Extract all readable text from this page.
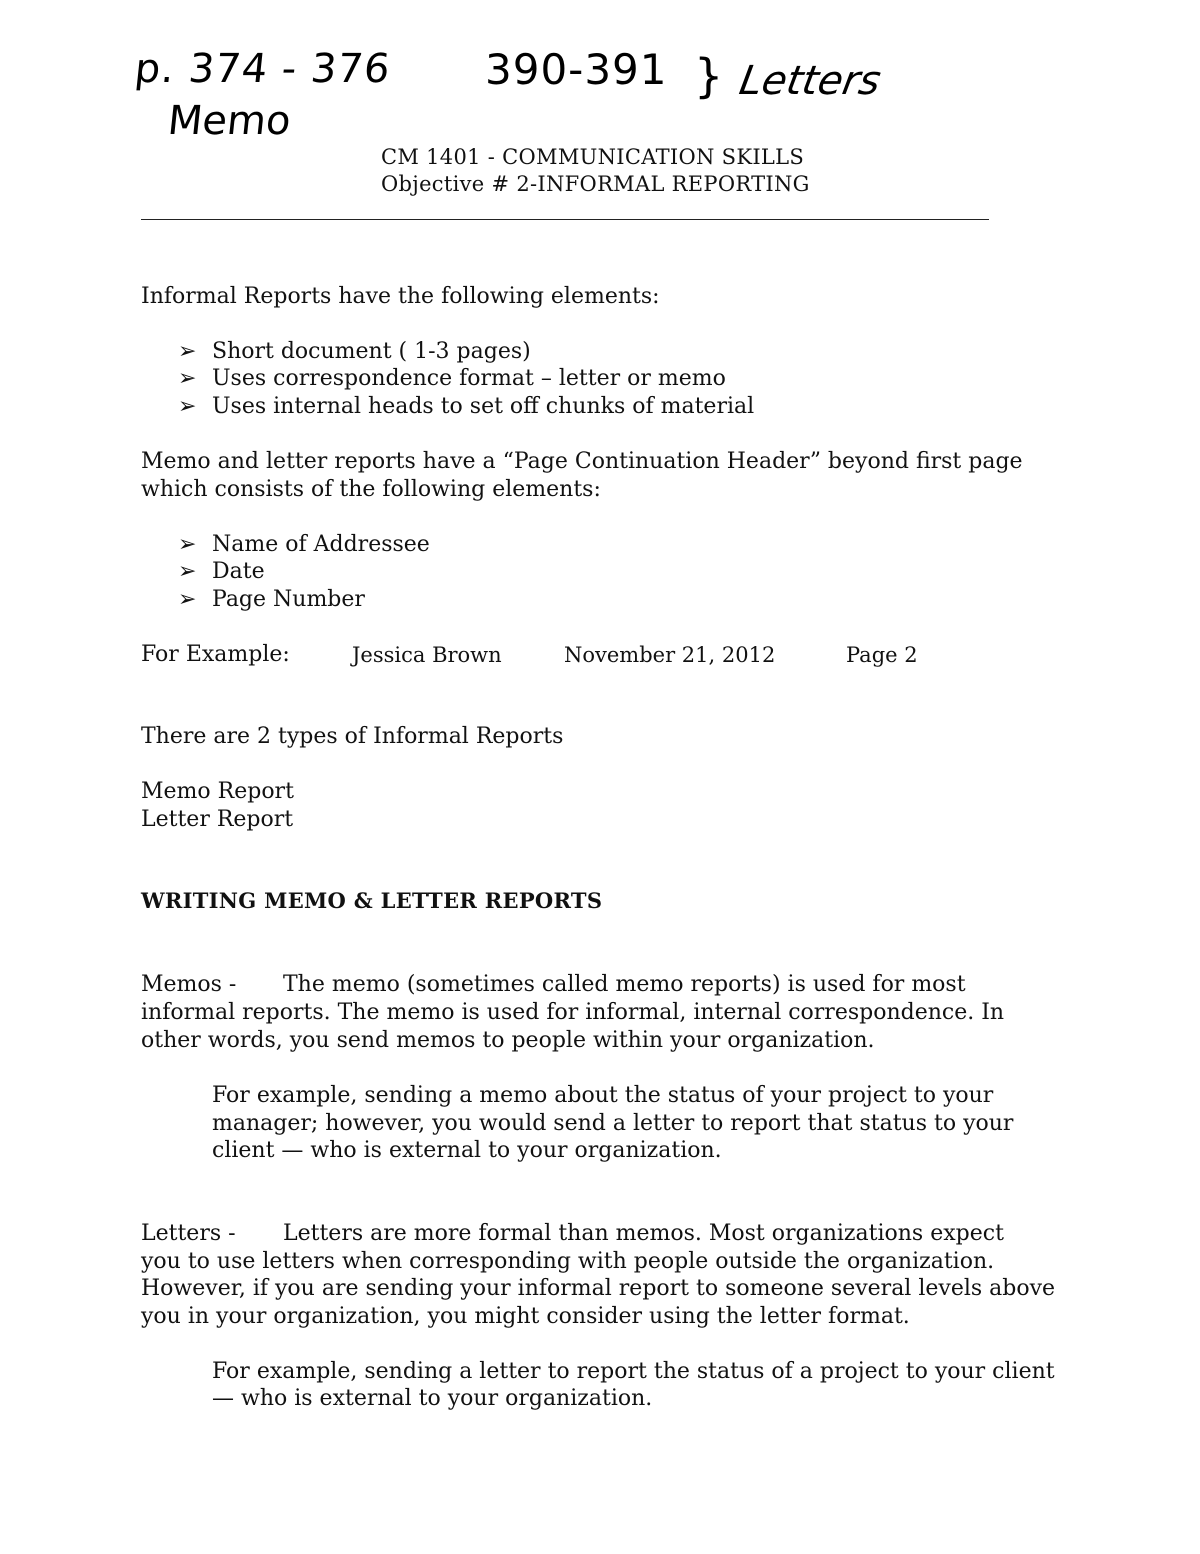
p. 374 - 376 390-391 } Letters
Memo
CM 1401 - COMMUNICATION SKILLS
Objective # 2-INFORMAL REPORTING
Informal Reports have the following elements:
➢ Short document ( 1-3 pages)
➢ Uses correspondence format – letter or memo
➢ Uses internal heads to set off chunks of material
Memo and letter reports have a “Page Continuation Header” beyond first page
which consists of the following elements:
➢ Name of Addressee
➢ Date
➢ Page Number
For Example:	Jessica Brown	November 21, 2012	Page 2
There are 2 types of Informal Reports
Memo Report
Letter Report
WRITING MEMO & LETTER REPORTS
Memos - The memo (sometimes called memo reports) is used for most
informal reports. The memo is used for informal, internal correspondence. In
other words, you send memos to people within your organization.
For example, sending a memo about the status of your project to your
manager; however, you would send a letter to report that status to your
client — who is external to your organization.
Letters - Letters are more formal than memos. Most organizations expect
you to use letters when corresponding with people outside the organization.
However, if you are sending your informal report to someone several levels above
you in your organization, you might consider using the letter format.
For example, sending a letter to report the status of a project to your client
— who is external to your organization.
